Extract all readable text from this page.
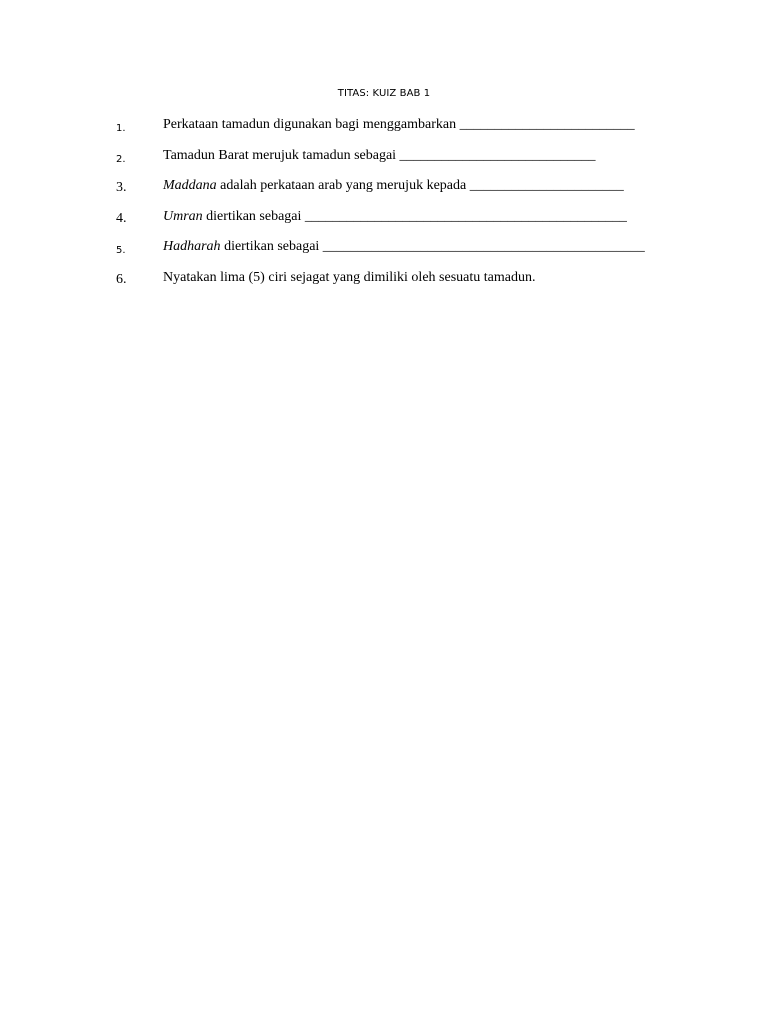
TITAS: KUIZ BAB 1
1.	Perkataan tamadun digunakan bagi menggambarkan _________________________
2.	Tamadun Barat merujuk tamadun sebagai ____________________________
3.	Maddana adalah perkataan arab yang merujuk kepada ______________________
4.	Umran diertikan sebagai ______________________________________________
5.	Hadharah diertikan sebagai ______________________________________________
6.	Nyatakan lima (5) ciri sejagat yang dimiliki oleh sesuatu tamadun.
